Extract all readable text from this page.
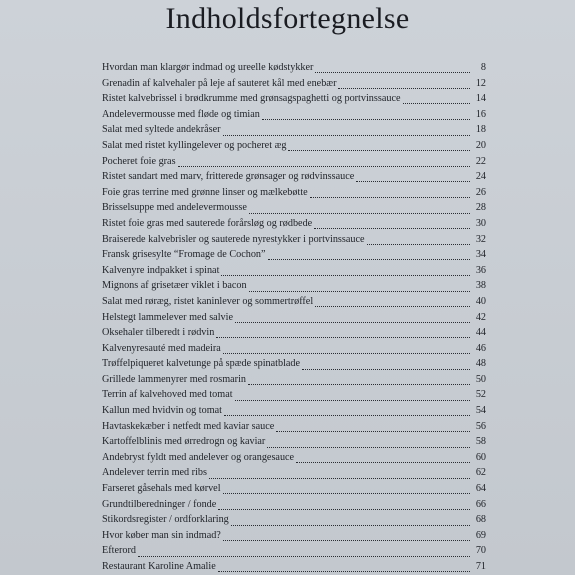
Indholdsfortegnelse
Hvordan man klargør indmad og ureelle kødstykker	8
Grenadin af kalvehaler på leje af sauteret kål med enebær	12
Ristet kalvebrissel i brødkrumme med grønsagspaghetti og portvinssauce	14
Andelevermousse med fløde og timian	16
Salat med syltede andekråser	18
Salat med ristet kyllingelever og pocheret æg	20
Pocheret foie gras	22
Ristet sandart med marv, fritterede grønsager og rødvinssauce	24
Foie gras terrine med grønne linser og mælkebøtte	26
Brisselsuppe med andelevermousse	28
Ristet foie gras med sauterede forårsløg og rødbede	30
Braiserede kalvebrisler og sauterede nyrestykker i portvinssauce	32
Fransk grisesylte “Fromage de Cochon”	34
Kalvenyre indpakket i spinat	36
Mignons af grisetæer viklet i bacon	38
Salat med røræg, ristet kaninlever og sommertrøffel	40
Helstegt lammelever med salvie	42
Oksehaler tilberedt i rødvin	44
Kalvenyresauté med madeira	46
Trøffelpiqueret kalvetunge på spæde spinatblade	48
Grillede lammenyrer med rosmarin	50
Terrin af kalvehoved med tomat	52
Kallun med hvidvin og tomat	54
Havtaskekæber i netfedt med kaviar sauce	56
Kartoffelblinis med ørredrogn og kaviar	58
Andebryst fyldt med andelever og orangesauce	60
Andelever terrin med ribs	62
Farseret gåsehals med kørvel	64
Grundtilberedninger / fonde	66
Stikordsregister / ordforklaring	68
Hvor køber man sin indmad?	69
Efterord	70
Restaurant Karoline Amalie	71
